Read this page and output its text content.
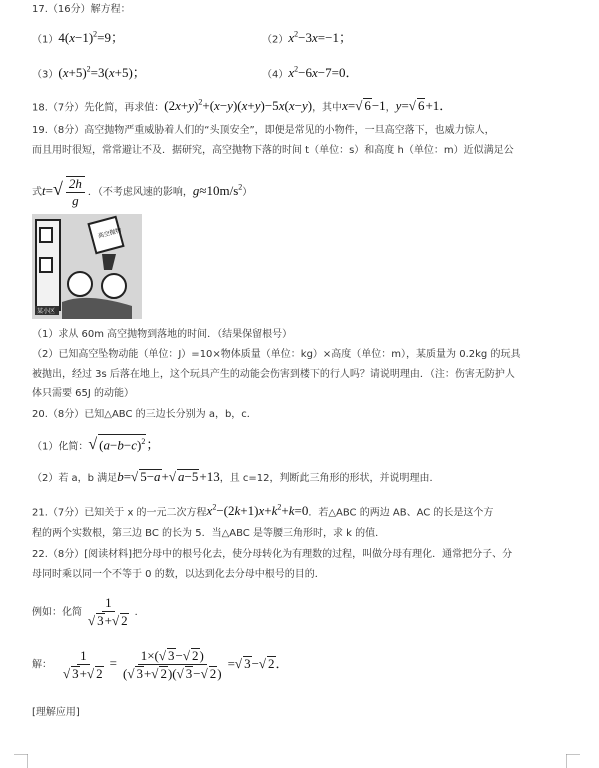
17.（16分）解方程：
$(1)4(x-1)^2=9$；	$(2)x^2-3x=-1$；
$(3)(x+5)^2=3(x+5)$；	$(4)x^2-6x-7=0$．
18.（7分）先化简，再求值：$(2x+y)^2+(x-y)(x+y)-5x(x-y)$，其中x=√ 6−1，y=√ 6+1．
19.（8分）高空抛物严重威胁着人们的“头顶安全”，即便是常见的小物件，一旦高空落下，也威力惊人，
而且用时很短，常常避让不及．据研究，高空抛物下落的时间 t（单位：s）和高度 h（单位：m）近似满足公
式$t=√ \frac{2h}{g}$ ．（不考虑风速的影响，$g\approx 10m/s^2$）
高空抛物
某小区
（1）求从 60m 高空抛物到落地的时间．（结果保留根号）
（2）已知高空坠物动能（单位：J）=10×物体质量（单位：kg）×高度（单位：m），某质量为 0.2kg 的玩具
被抛出，经过 3s 后落在地上，这个玩具产生的动能会伤害到楼下的行人吗？请说明理由．（注：伤害无防护人
体只需要 65J 的动能）
20.（8分）已知△ABC 的三边长分别为 a，b，c．
（1）化简：√ $(a-b-c)^2$；
（2）若 a，b 满足b=√ 5−a+√ a−5+13，且 c=12，判断此三角形的形状，并说明理由．
21.（7分）已知关于 x 的一元二次方程$x^2-(2k+1)x+k^2+k=0$．若△ABC 的两边 AB、AC 的长是这个方
程的两个实数根，第三边 BC 的长为 5．当△ABC 是等腰三角形时，求 k 的值．
22.（8分）[阅读材料]把分母中的根号化去，使分母转化为有理数的过程，叫做分母有理化．通常把分子、分
母同时乘以同一个不等于 0 的数，以达到化去分母中根号的目的．
例如：化简 $\frac{1}{√ 3+√ 2}$ ．
解： $\frac{1}{√ 3+√ 2} = \frac{1\times(√ 3-√ 2)}{(√ 3+√ 2)(√ 3-√ 2)}$ =√ 3−√ 2．
[理解应用]
